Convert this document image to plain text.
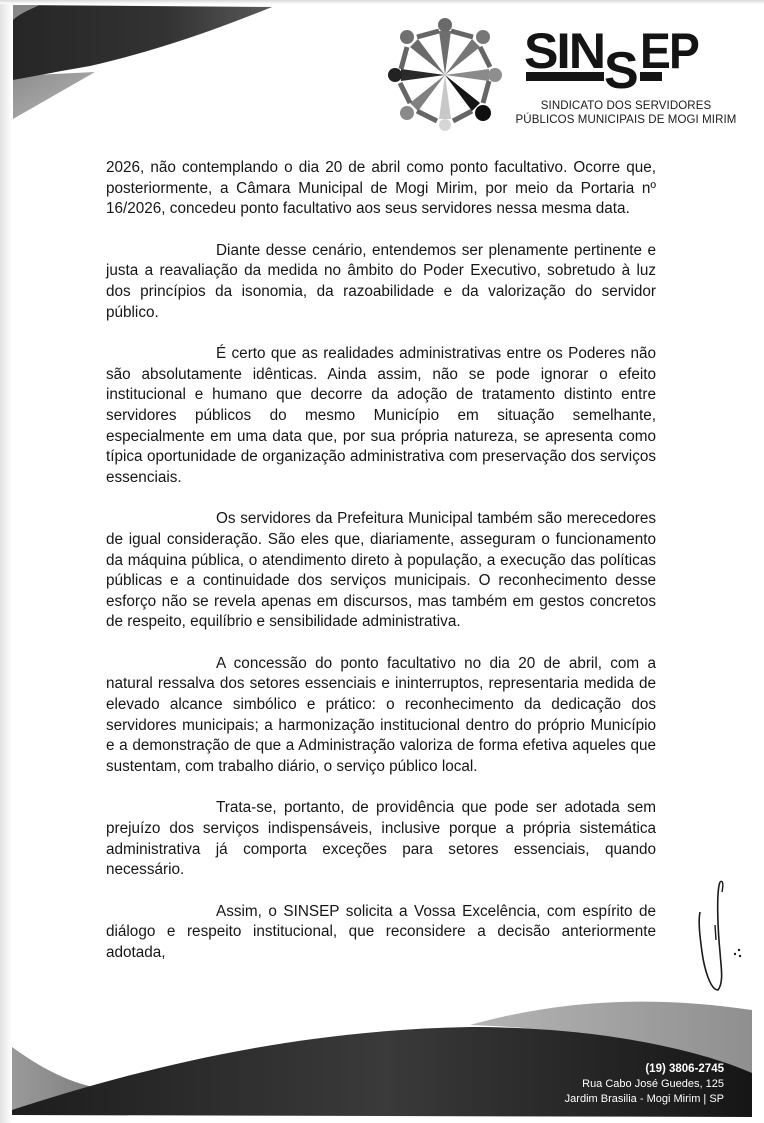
SIN S EP
SINDICATO DOS SERVIDORES
PÚBLICOS MUNICIPAIS DE MOGI MIRIM

2026, não contemplando o dia 20 de abril como ponto facultativo. Ocorre que, posteriormente, a Câmara Municipal de Mogi Mirim, por meio da Portaria nº 16/2026, concedeu ponto facultativo aos seus servidores nessa mesma data.

Diante desse cenário, entendemos ser plenamente pertinente e justa a reavaliação da medida no âmbito do Poder Executivo, sobretudo à luz dos princípios da isonomia, da razoabilidade e da valorização do servidor público.

É certo que as realidades administrativas entre os Poderes não são absolutamente idênticas. Ainda assim, não se pode ignorar o efeito institucional e humano que decorre da adoção de tratamento distinto entre servidores públicos do mesmo Município em situação semelhante, especialmente em uma data que, por sua própria natureza, se apresenta como típica oportunidade de organização administrativa com preservação dos serviços essenciais.

Os servidores da Prefeitura Municipal também são merecedores de igual consideração. São eles que, diariamente, asseguram o funcionamento da máquina pública, o atendimento direto à população, a execução das políticas públicas e a continuidade dos serviços municipais. O reconhecimento desse esforço não se revela apenas em discursos, mas também em gestos concretos de respeito, equilíbrio e sensibilidade administrativa.

A concessão do ponto facultativo no dia 20 de abril, com a natural ressalva dos setores essenciais e ininterruptos, representaria medida de elevado alcance simbólico e prático: o reconhecimento da dedicação dos servidores municipais; a harmonização institucional dentro do próprio Município e a demonstração de que a Administração valoriza de forma efetiva aqueles que sustentam, com trabalho diário, o serviço público local.

Trata-se, portanto, de providência que pode ser adotada sem prejuízo dos serviços indispensáveis, inclusive porque a própria sistemática administrativa já comporta exceções para setores essenciais, quando necessário.

Assim, o SINSEP solicita a Vossa Excelência, com espírito de diálogo e respeito institucional, que reconsidere a decisão anteriormente adotada,

(19) 3806-2745
Rua Cabo José Guedes, 125
Jardim Brasilia - Mogi Mirim | SP
